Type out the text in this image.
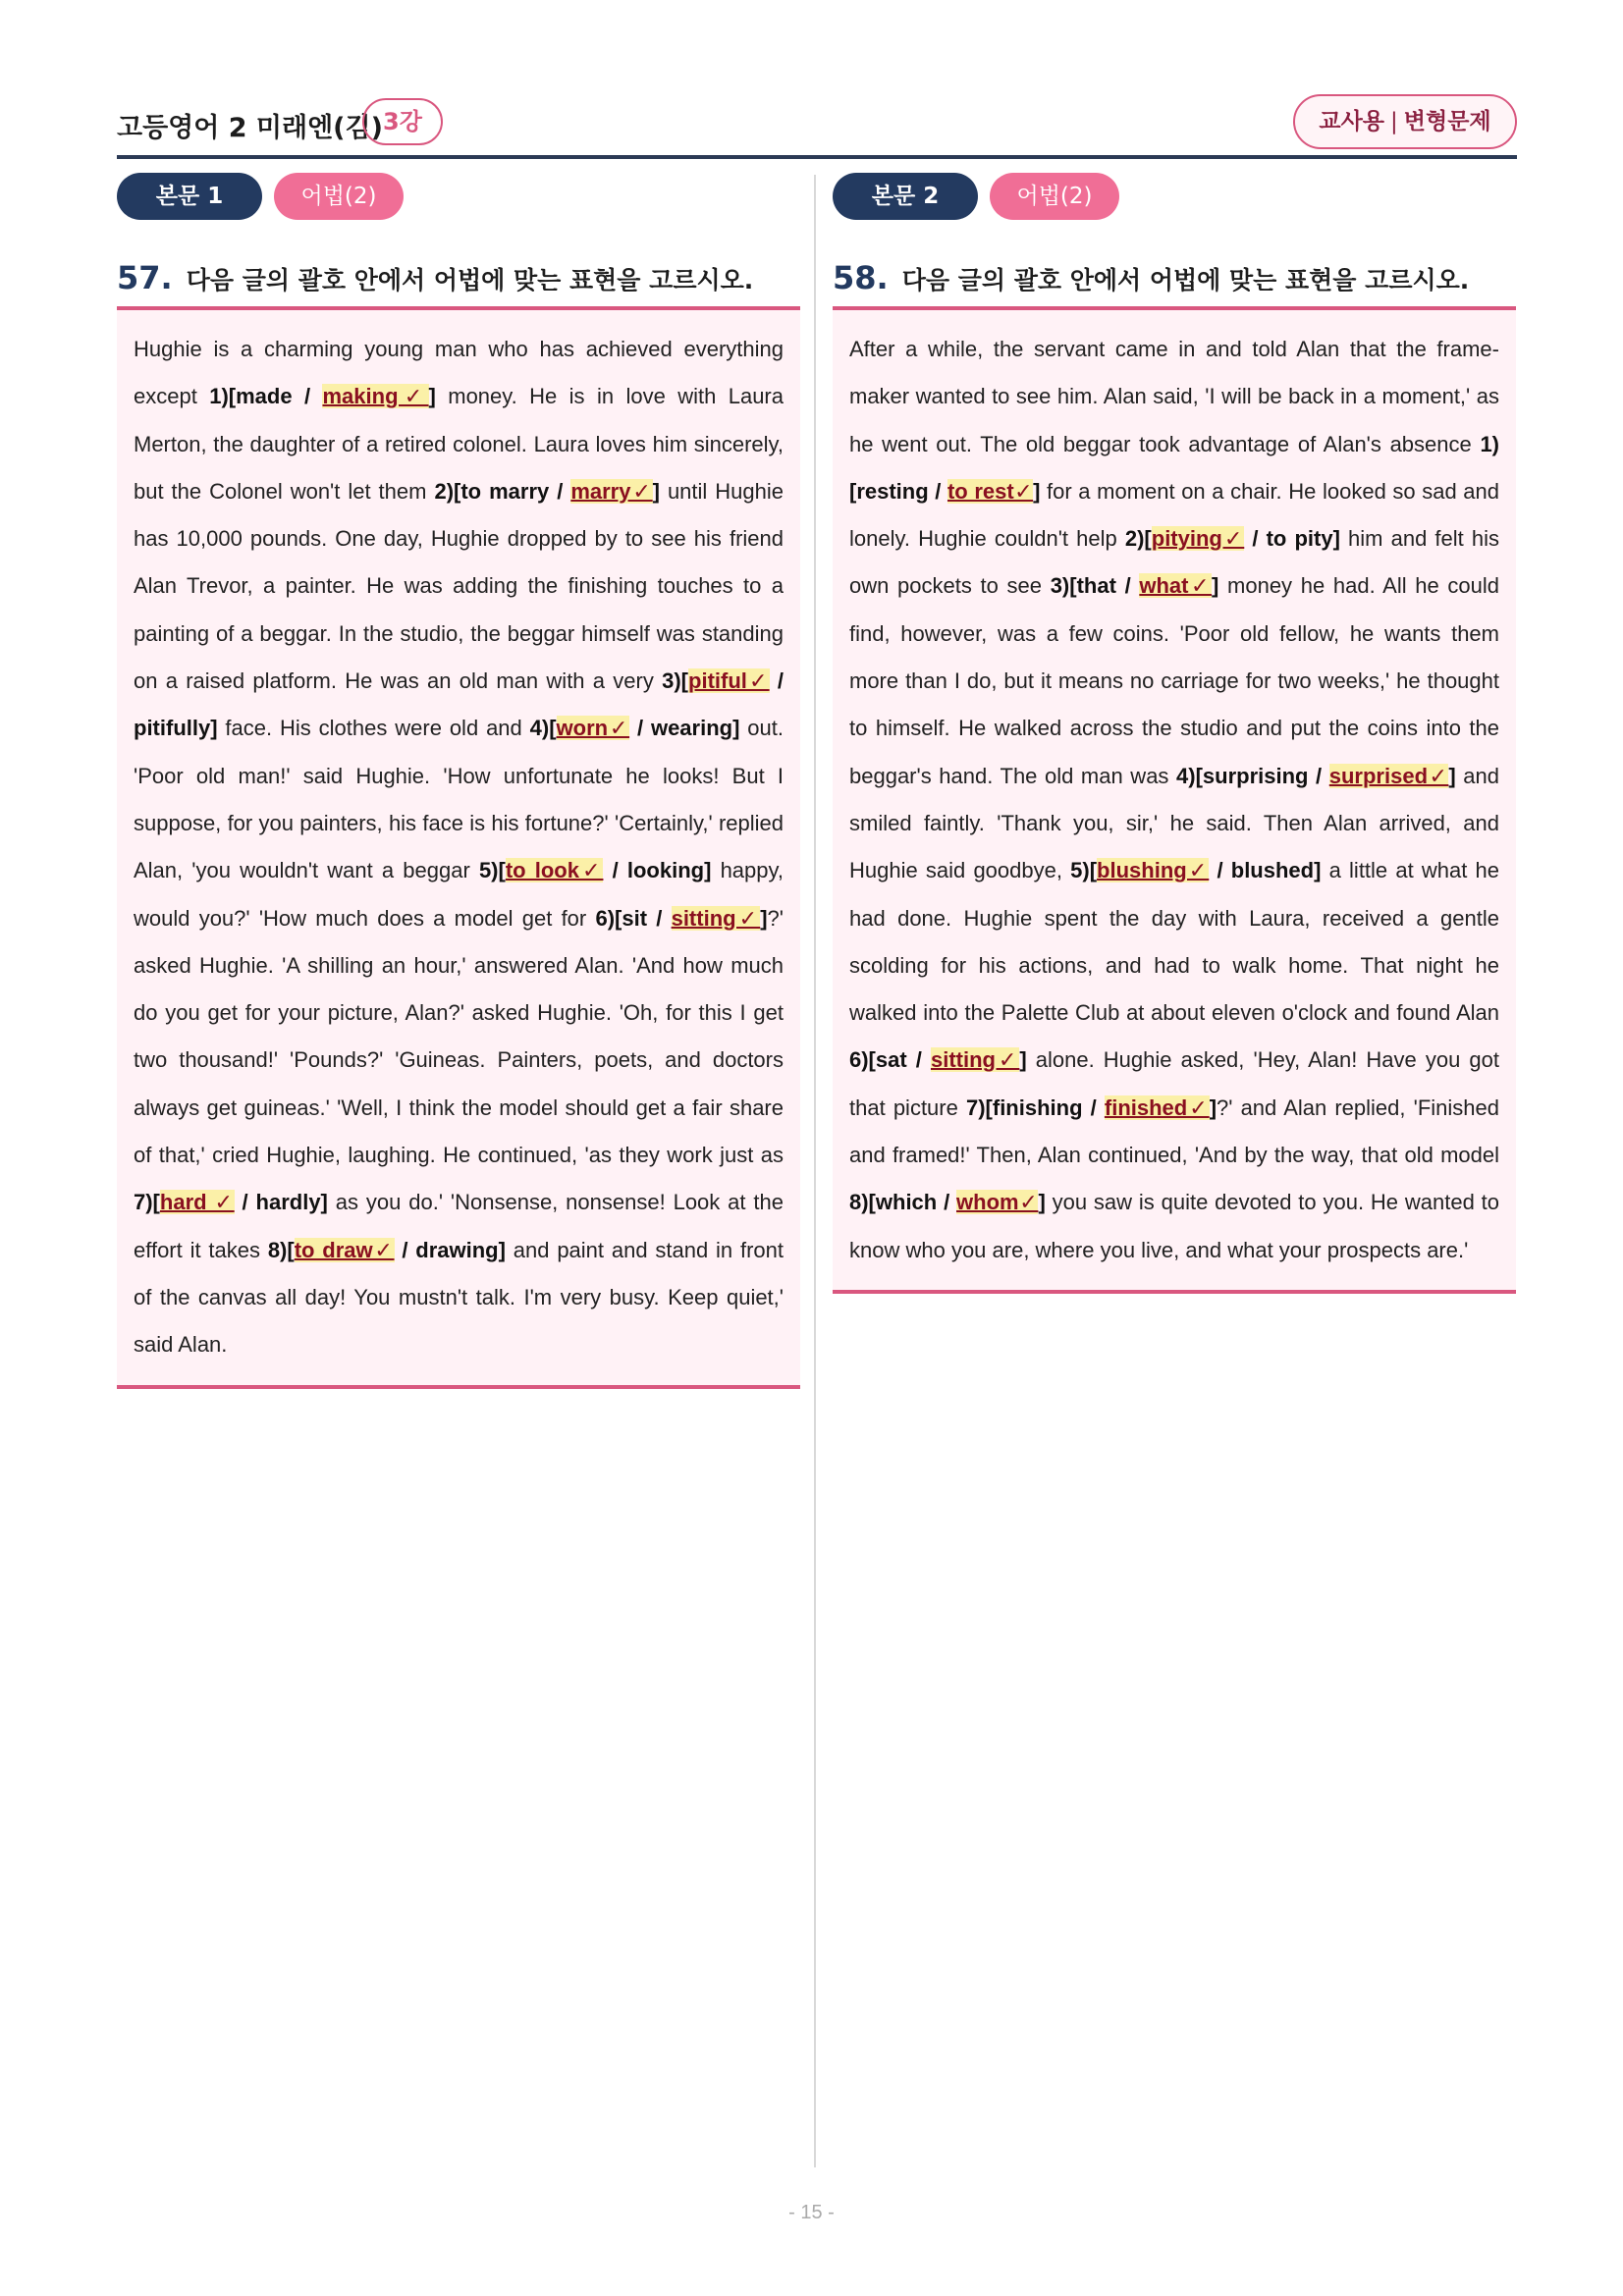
고등영어 2 미래엔(김) 3강	교사용 | 변형문제
본문 1	어법(2)
57. 다음 글의 괄호 안에서 어법에 맞는 표현을 고르시오.
Hughie is a charming young man who has achieved everything except 1)[made / making✓] money. He is in love with Laura Merton, the daughter of a retired colonel. Laura loves him sincerely, but the Colonel won't let them 2)[to marry / marry✓] until Hughie has 10,000 pounds. One day, Hughie dropped by to see his friend Alan Trevor, a painter. He was adding the finishing touches to a painting of a beggar. In the studio, the beggar himself was standing on a raised platform. He was an old man with a very 3)[pitiful✓ / pitifully] face. His clothes were old and 4)[worn✓ / wearing] out. 'Poor old man!' said Hughie. 'How unfortunate he looks! But I suppose, for you painters, his face is his fortune?' 'Certainly,' replied Alan, 'you wouldn't want a beggar 5)[to look✓ / looking] happy, would you?' 'How much does a model get for 6)[sit / sitting✓]?' asked Hughie. 'A shilling an hour,' answered Alan. 'And how much do you get for your picture, Alan?' asked Hughie. 'Oh, for this I get two thousand!' 'Pounds?' 'Guineas. Painters, poets, and doctors always get guineas.' 'Well, I think the model should get a fair share of that,' cried Hughie, laughing. He continued, 'as they work just as 7)[hard ✓ / hardly] as you do.' 'Nonsense, nonsense! Look at the effort it takes 8)[to draw✓ / drawing] and paint and stand in front of the canvas all day! You mustn't talk. I'm very busy. Keep quiet,' said Alan.
본문 2	어법(2)
58. 다음 글의 괄호 안에서 어법에 맞는 표현을 고르시오.
After a while, the servant came in and told Alan that the frame-maker wanted to see him. Alan said, 'I will be back in a moment,' as he went out. The old beggar took advantage of Alan's absence 1)[resting / to rest✓] for a moment on a chair. He looked so sad and lonely. Hughie couldn't help 2)[pitying✓ / to pity] him and felt his own pockets to see 3)[that / what✓] money he had. All he could find, however, was a few coins. 'Poor old fellow, he wants them more than I do, but it means no carriage for two weeks,' he thought to himself. He walked across the studio and put the coins into the beggar's hand. The old man was 4)[surprising / surprised✓] and smiled faintly. 'Thank you, sir,' he said. Then Alan arrived, and Hughie said goodbye, 5)[blushing✓ / blushed] a little at what he had done. Hughie spent the day with Laura, received a gentle scolding for his actions, and had to walk home. That night he walked into the Palette Club at about eleven o'clock and found Alan 6)[sat / sitting✓] alone. Hughie asked, 'Hey, Alan! Have you got that picture 7)[finishing / finished✓]?' and Alan replied, 'Finished and framed!' Then, Alan continued, 'And by the way, that old model 8)[which / whom✓] you saw is quite devoted to you. He wanted to know who you are, where you live, and what your prospects are.'
- 15 -
